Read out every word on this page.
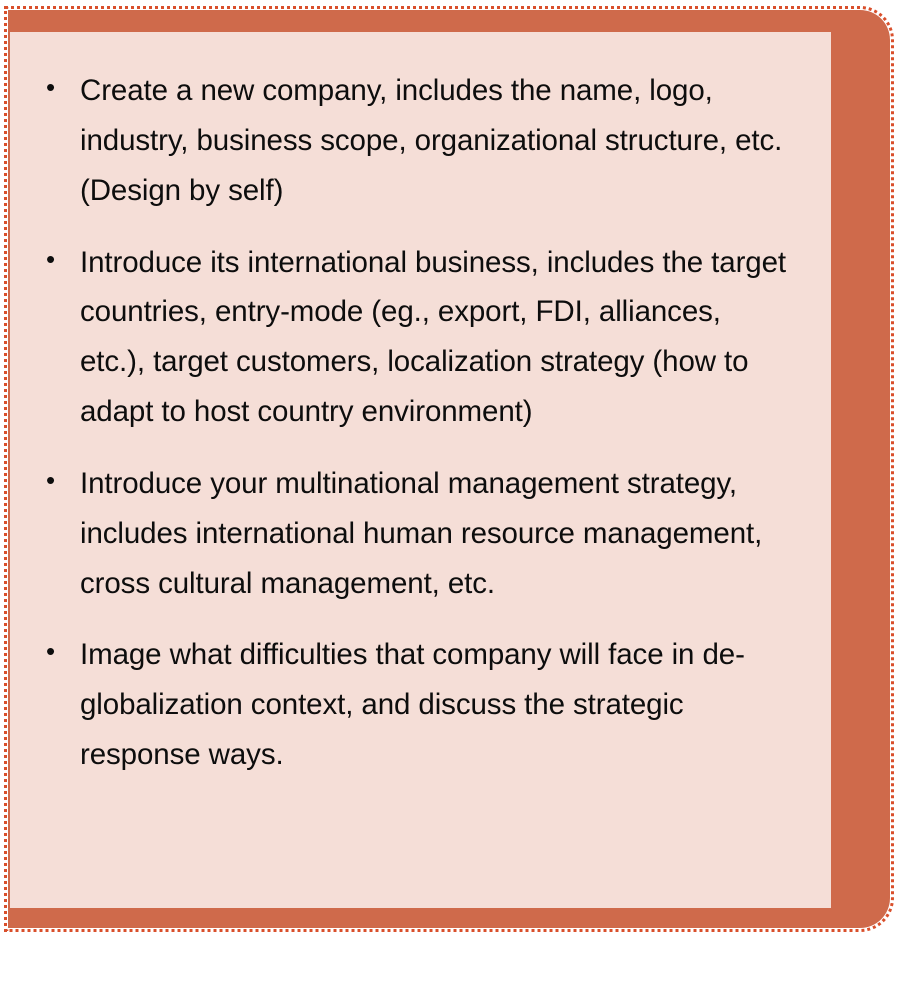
• Create a new company, includes the name, logo, industry, business scope, organizational structure, etc. (Design by self)
• Introduce its international business, includes the target countries, entry-mode (eg., export, FDI, alliances, etc.), target customers, localization strategy (how to adapt to host country environment)
• Introduce your multinational management strategy, includes international human resource management, cross cultural management, etc.
• Image what difficulties that company will face in de-globalization context, and discuss the strategic response ways.
